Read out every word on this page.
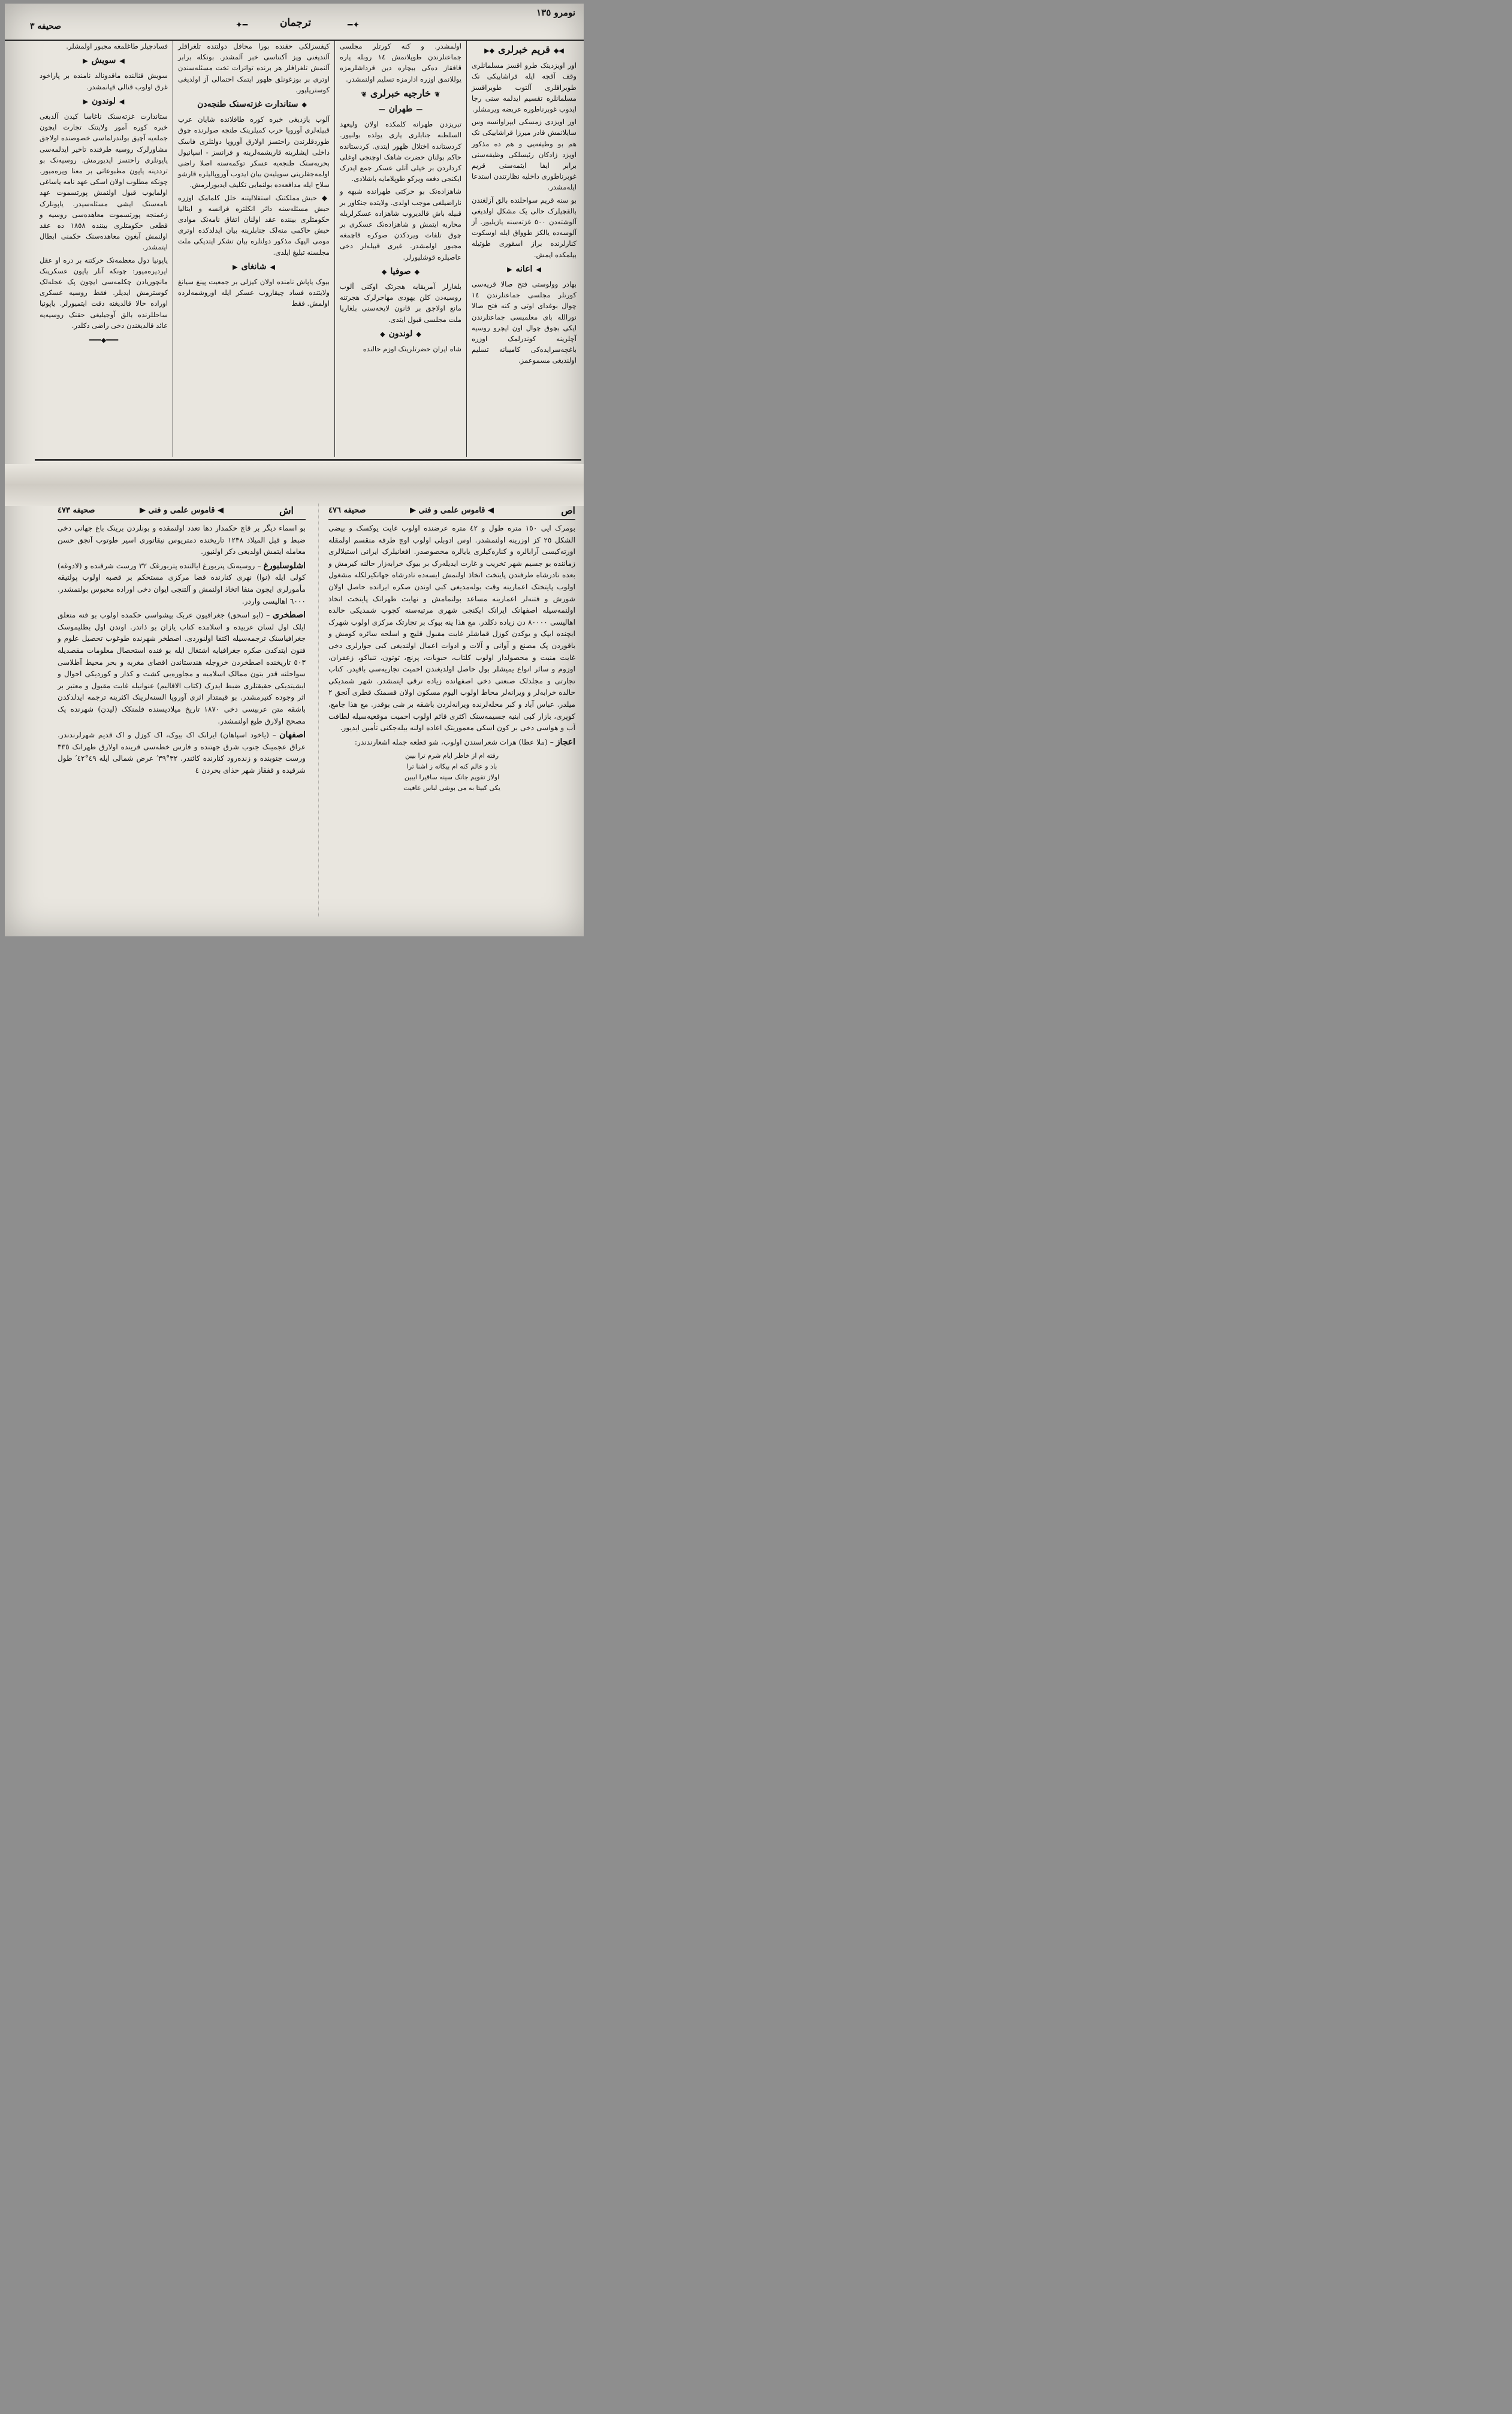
نومرو ١٣٥
✦━	ترجمان	━✦
صحیفه ٣
◀◆قریم خبرلری◆▶

اور اویزدینک طرو اقسز مسلمانلری وقف آقچه ایله فراشاییکی نک طویراقلری آلتوب طویراقسز مسلمانلره تقسیم ایدلمه سنی رجا ایدوب غوبرناطوره عریضه ویرمشلر.

اور اویزدی زمسکی ایپراوانسه وس سایلانمش قادر میرزا قراشاییکی نک هم بو وظیفه‌یی و هم ده مذکور اویزد زادکان رئیسلکی وظیفه‌سنی برابر ایفا ایتمه‌سنی قریم غوبرناطوری داخلیه نظارتندن استدعا ایله‌مشدر.

بو سنه قریم سواحلنده بالق آزلغندن بالقچیلرک حالی پک مشکل اولدیغی آلوشته‌دن ٥٠٠ غزته‌سنه یازیلیور. آز آلوسه‌ده یالکز طوواق ایله اوسکوت کنارلرنده براز اسقوری طوتیله بیلمکده ایمش.

◀اعانه▶

بهادر وولوستی فتح صالا قریه‌سی کورتلر مجلسی جماعتلرندن ١٤ چوال بوغدای اوتی و کنه فتح صالا نورالله بای معلمیسی جماعتلرندن ایکی بچوق چوال اون ایچرو روسیه آچلرینه کوندرلمک اوزره باغچه‌سرایده‌کی کامیبانه تسلیم اولندیغی مسموعمز.

اولمشدر. و کنه کورتلر مجلسی جماعتلرندن طوپلانمش ١٤ روبله پاره قافقاز ده‌کی بیچاره دین قرداشلرمزه یوللانمق اوزره ادارمزه تسلیم اولنمشدر.

❦خارجیه خبرلری❦
—طهران—

تبریزدن طهرانه کلمکده اولان ولیعهد السلطنه جنابلری یاری یولده بولنیور. کردستانده اختلال ظهور ایتدی. کردستانده حاکم بولنان حضرت شاهک اوچنجی اوغلی کردلردن بر خیلی آتلی عسکر جمع ایدرک ایکنجی دفعه ویرکو طوپلامایه باشلادی.

شاهزاده‌نک بو حرکتی طهرانده شبهه و ناراضیلغی موجب اولدی. ولایتده جنکاور بر قبیله باش قالدیروب شاهزاده عسکرلریله محاربه ایتمش و شاهزاده‌نک عسکری بر چوق تلفات ویردکدن صوکره قاچمغه مجبور اولمشدر. غیری قبیله‌لر دخی عاصیلره قوشلیورلر.

◆صوفیا◆

بلغارلر آمریقایه هجرتک اوکنی آلوب روسیه‌دن کلن یهودی مهاجرلرک هجرتنه مانع اولاجق بر قانون لایحه‌سنی بلغاریا ملت مجلسی قبول ایتدی.

◆لوندون◆

شاه ایران حضرتلرینک اوزم حالنده

کیفسزلکی حقنده بورا محافل دولتنده تلغرافلر آلندیغنی ویز آکنتاسی خبر آلمشدر. بونکله برابر آلنمش تلغرافلر هر برنده تواترات تخت مسئله‌سندن اوتری بر بوزغونلق ظهور ایتمک احتمالی آز اولدیغی کوستریلیور.

◆ستاندارت غزته‌سنک طنجه‌دن

آلوب یازدیغی خبره کوره طافلانده شایان عرب قبیله‌لری آوروپا حرب کمیلرینک طنجه صولرنده چوق طوردقلرندن راحتسز اولارق آوروپا دولتلری فاسک داخلی ایشلرینه قاریشمه‌لرینه و فرانسز - اسپانیول بحریه‌سنک طنجه‌یه عسکر توکمه‌سنه اصلا راضی اولمه‌جقلرینی سویلیه‌ن بیان ایدوب آوروپالیلره قارشو سلاح ایله مدافعه‌ده بولنمایی تکلیف ایدیورلرمش.

◆ حبش مملکتنک استقلالیتنه خلل کلمامک اوزره حبش مسئله‌سنه دائر انکلتره فرانسه و ایتالیا حکومتلری بیننده عقد اولنان اتفاق نامه‌نک موادی حبش حاکمی منه‌لک جنابلرینه بیان ایدلدکده اوتری مومی الیهک مذکور دولتلره بیان تشکر ایتدیکی ملت مجلسنه تبلیغ ایلدی.

◀شانغای▶

بیوک یاپاش نامنده اولان کیزلی بر جمعیت پینغ سیانغ ولایتنده فساد چیقاروب عسکر ایله اوروشمه‌لرده اولمش. فقط

فسادچیلر طاغلمغه مجبور اولمشلر.

◀سویش▶

سویش قنالنده ماقدونالد نامنده بر پاراخود غرق اولوب قنالی قپانمشدر.

◀لوندون▶

ستاندارت غزته‌سنک ناغاسا کیدن آلدیغی خبره کوره آمور ولایتنک تجارت ایچون جمله‌یه آچیق بولندرلماسی خصوصنده اولاجق مشاورلرک روسیه طرفنده تاخیر ایدلمه‌سی یاپونلری راحتسز ایدیورمش. روسیه‌نک بو ترددینه یاپون مطبوعاتی بر معنا ویره‌میور. چونکه مطلوب اولان اسکی عهد نامه یاساغی اولمایوب قبول اولنمش پورتسموت عهد نامه‌سنک ایشی مسئله‌سیدر. یاپونلرک زعمنجه پورتسموت معاهده‌سی روسیه و قطعی حکومتلری بیننده ١٨٥٨ ده عقد اولنمش آبغون معاهده‌سنک حکمنی ابطال ایتمشدر.

یاپونیا دول معظمه‌نک حرکتنه بر دره او عقل ایردیره‌میور: چونکه آنلر یاپون عسکرینک مانچوریادن چکلمه‌سی ایچون پک عجله‌لک کوسترمش ایدیلر. فقط روسیه عسکری اوراده حالا قالدیغنه دقت ایتمیورلر. یاپونیا ساحللرنده بالق آوجیلیغی حقنک روسیه‌یه عائد قالدیغندن دخی راضی دکلدر.

━━━◆━━━
اص
◀ قاموس علمی و فنی ▶
صحیفه ٤٧٦

بومرک ایی ١٥٠ متره طول و ٤٢ متره عرضنده اولوب غایت یوکسک و بیضی الشکل ٢٥ کز اوزرینه اولنمشدر. اوس ادوبلی اولوب اوچ طرفه منقسم اولمقله اورته‌کیسی آرابالره و کناره‌کیلری یایالره مخصوصدر. افغانیلرک ایرانی استیلالری زماننده بو جسیم شهر تخریب و غارت ایدیله‌رک بر بیوک خرابه‌زار حالنه کیرمش و بعده نادرشاه طرفندن پایتخت اتخاذ اولنمش ایسه‌ده نادرشاه جهانکیرلکله مشغول اولوب پایتختک اعمارینه وقت بوله‌مدیغی کبی اوندن صکره ایرانده حاصل اولان شورش و فتنه‌لر اعمارینه مساعد بولنمامش و نهایت طهرانک پایتخت اتخاذ اولنمه‌سیله اصفهانک ایرانک ایکنجی شهری مرتبه‌سنه کچوب شمدیکی حالده اهالیسی ٨٠٠٠٠ دن زیاده دکلدر. مع هذا ینه بیوک بر تجارتک مرکزی اولوب شهرک ایچنده ایپک و یوکدن کوزل قماشلر غایت مقبول قلیچ و اسلحه سائره کومش و باقوردن پک مصنع و آوانی و آلات و ادوات اعمال اولندیغی کبی جوارلری دخی غایت منبت و محصولدار اولوب کلتاب، حبوبات، پرنچ، توتون، تنباکو، زعفران، اوزوم و سائر انواع یمیشلر بول حاصل اولدیغندن احمیت تجاریه‌سی باقیدر. کتاب تجارتی و مجلدلک صنعتی دخی اصفهانده زیاده ترقی ایتمشدر. شهر شمدیکی حالده خرابه‌لر و ویرانه‌لر محاط اولوب الیوم مسکون اولان قسمنک قطری آنجق ٢ میلدر. عباس آباد و کبر محله‌لرنده ویرانه‌لردن باشقه بر شی بوقدر. مع هذا جامع، کوپری، بازار کبی ابنیه جسیمه‌سنک اکثری قائم اولوب احمیت موقعیه‌سیله لطافت آب و هواسی دخی بر کون اسکی معموریتک اعاده اولنه بیله‌جکنی تأمین ایدیور.

اعجاز – (ملا عطا) هرات شعراسندن اولوب، شو قطعه جمله اشعارندندر:

رفته ام از خاطر ایام شرم ترا بیبن
باد و عالم کنه ام بیکانه ز اشنا ترا
اولاز تقویم جانک سینه ساقیرا ایبین
یکی کبیتا به می بوشی لباس عافیت
اش
◀ قاموس علمی و فنی ▶
صحیفه ٤٧٣

بو اسماء دیگر بر قاچ حکمدار دها تعدد اولنمقده و بونلردن برینک باغ جهانی دخی ضبط و قبل المیلاد ١٢٣٨ تاریخنده دمتریوس نیقاتوری اسیر طوتوب آنجق حسن معامله ایتمش اولدیغی ذکر اولنیور.

اشلوسلبورغ – روسیه‌نک پتربورغ ایالتنده پتربورغک ٣٢ ورست شرقنده و (لادوغه) کولی ایله (نوا) نهری کنارنده قضا مرکزی مستحکم بر قصبه اولوب پولتیقه مأمورلری ایچون منفا اتخاذ اولنمش و آلتنجی ایوان دخی اوراده محبوس بولنمشدر. ٦٠٠٠ اهالیسی واردر.

اصطخری – (ابو اسحق) جغرافیون عربک پیشواسی حکمده اولوب بو فنه متعلق ایلک اول لسان عربیده و اسلامده کتاب یازان بو ذاتدر. اوندن اول بطلیموسک جغرافیاسنک ترجمه‌سیله اکتفا اولنوردی. اصطخر شهرنده طوغوب تحصیل علوم و فنون ایتدکدن صکره جغرافیایه اشتغال ایله بو فنده استحصال معلومات مقصدیله ٥٠٣ تاریخنده اصطخردن خروجله هندستاندن اقصای مغربه و بحر محیط آطلاسی سواحلنه قدر بتون ممالک اسلامیه و مجاوره‌یی کشت و کذار و کوردیکی احوال و ایشیتدیکی حقیقتلری ضبط ایدرک (کتاب الاقالیم) عنوانیله غایت مقبول و معتبر بر اثر وجوده کتیرمشدر. بو قیمتدار اثری آوروپا السنه‌لرینک اکثرینه ترجمه ایدلدکدن باشقه متن عربیسی دخی ١٨٧٠ تاریخ میلادیسنده فلمنکک (لیدن) شهرنده پک مصحح اولارق طبع اولنمشدر.

اصفهان – (یاخود اسپاهان) ایرانک اک بیوک، اک کوزل و اک قدیم شهرلرندندر. عراق عجمینک جنوب شرق جهتنده و فارس خطه‌سی قرینده اولارق طهرانک ٣٣٥ ورست جنوبنده و زنده‌رود کنارنده کائندر. ٣٢°٣٩′ عرض شمالی ایله ٤٩°٤٢′ طول شرقیده و قفقاز شهر حذای بحردن ٤
